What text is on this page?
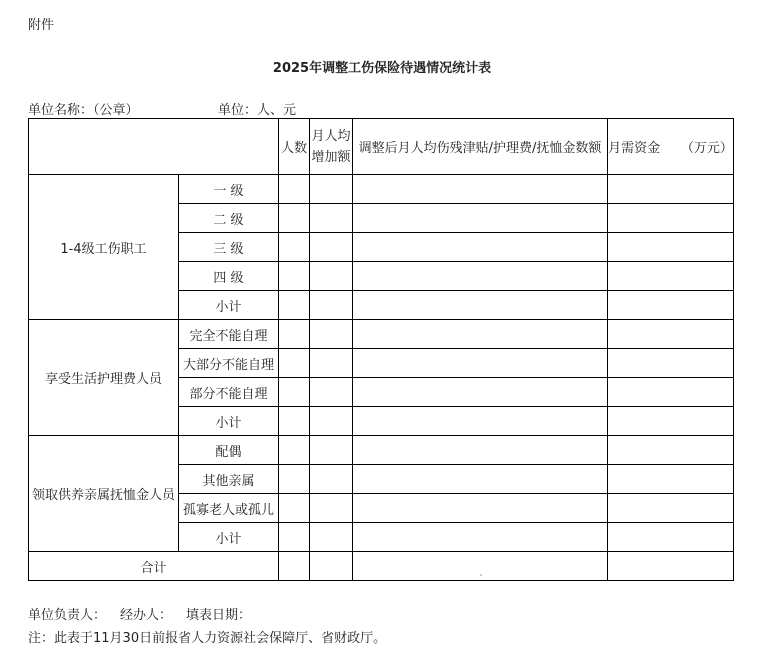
附件
2025年调整工伤保险待遇情况统计表
单位名称：（公章）	单位：人、元
		人数	月人均增加额	调整后月人均伤残津贴/护理费/抚恤金数额	月需资金 （万元）
1-4级工伤职工	一 级				
	二 级				
	三 级				
	四 级				
	小计				
享受生活护理费人员	完全不能自理				
	大部分不能自理				
	部分不能自理				
	小计				
领取供养亲属抚恤金人员	配偶				
	其他亲属				
	孤寡老人或孤儿				
	小计				
合计					
单位负责人： 经办人： 填表日期：
注：此表于11月30日前报省人力资源社会保障厅、省财政厅。
